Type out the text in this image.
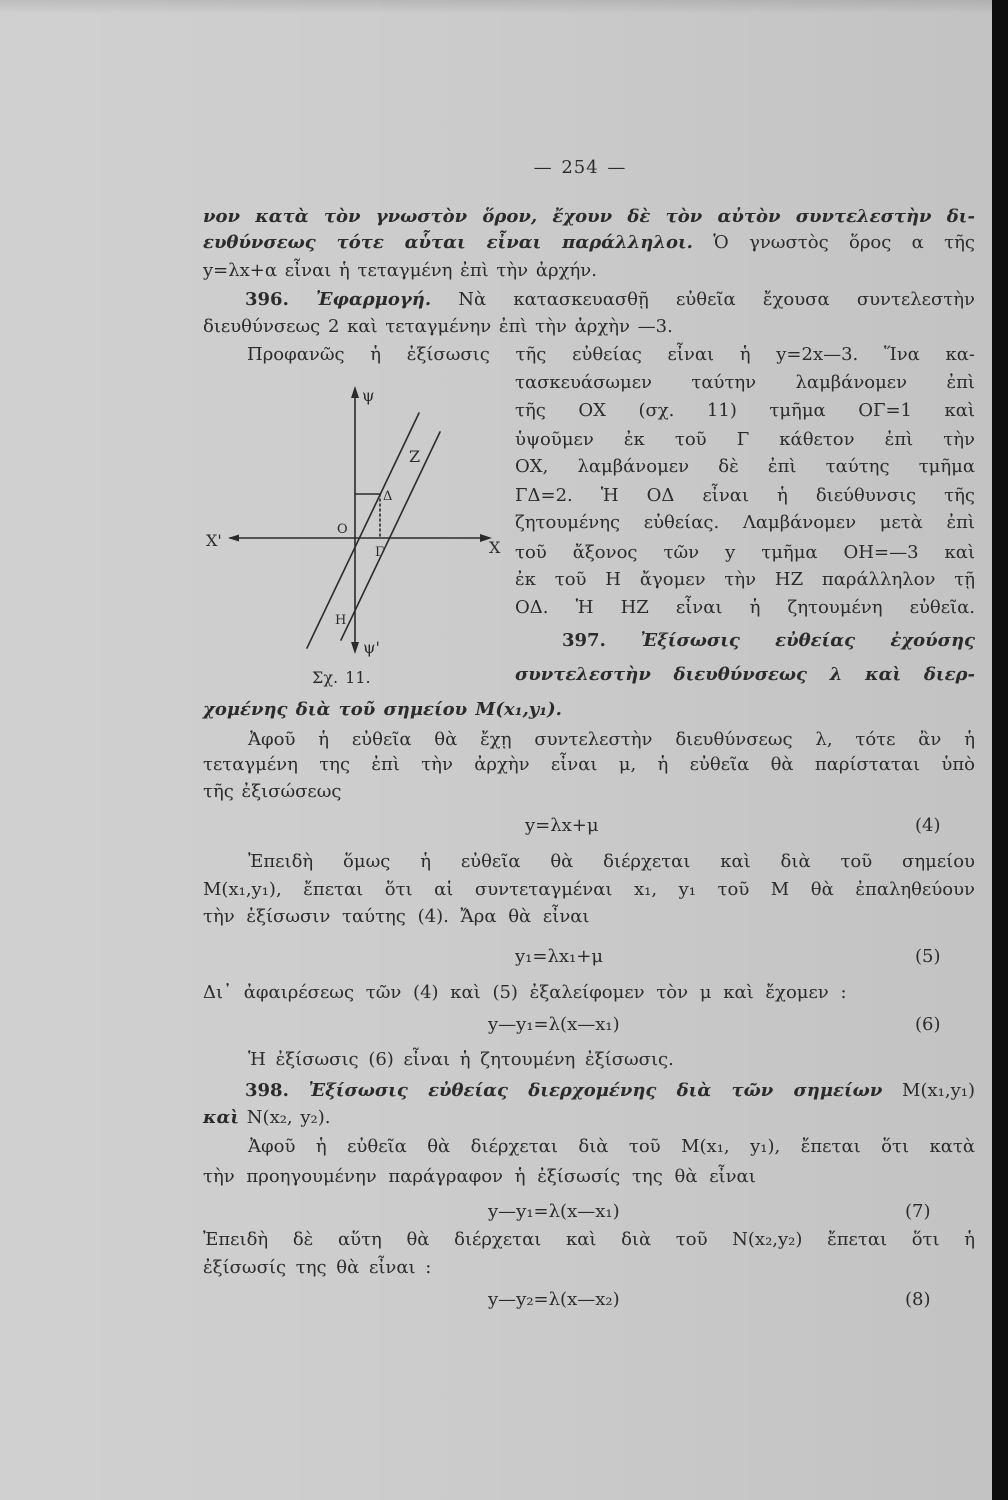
— 254 —
νον κατὰ τὸν γνωστὸν ὅρον, ἔχουν δὲ τὸν αὐτὸν συντελεστὴν δι-
ευθύνσεως τότε αὗται εἶναι παράλληλοι. Ὁ γνωστὸς ὅρος α τῆς
y=λx+α εἶναι ἡ τεταγμένη ἐπὶ τὴν ἀρχήν.
396. Ἐφαρμογή. Νὰ κατασκευασθῇ εὐθεῖα ἔχουσα συντελεστὴν
διευθύνσεως 2 καὶ τεταγμένην ἐπὶ τὴν ἀρχὴν —3.
Προφανῶς ἡ ἐξίσωσις τῆς εὐθείας εἶναι ἡ y=2x—3. Ἵνα κα-
τασκευάσωμεν ταύτην λαμβάνομεν ἐπὶ
τῆς ΟΧ (σχ. 11) τμῆμα ΟΓ=1 καὶ
ὑψοῦμεν ἐκ τοῦ Γ κάθετον ἐπὶ τὴν
ΟΧ, λαμβάνομεν δὲ ἐπὶ ταύτης τμῆμα
ΓΔ=2. Ἡ ΟΔ εἶναι ἡ διεύθυνσις τῆς
ζητουμένης εὐθείας. Λαμβάνομεν μετὰ ἐπὶ
τοῦ ἄξονος τῶν y τμῆμα ΟΗ=—3 καὶ
ἐκ τοῦ Η ἄγομεν τὴν ΗΖ παράλληλον τῇ
ΟΔ. Ἡ ΗΖ εἶναι ἡ ζητουμένη εὐθεῖα.
ψ
ψ'
X'	X
Ο
Δ
Γ
Η
Ζ
Σχ. 11.
397. Ἐξίσωσις εὐθείας ἐχούσης
συντελεστὴν διευθύνσεως λ καὶ διερ-
χομένης διὰ τοῦ σημείου Μ(x₁,y₁).
Ἀφοῦ ἡ εὐθεῖα θὰ ἔχῃ συντελεστὴν διευθύνσεως λ, τότε ἂν ἡ
τεταγμένη της ἐπὶ τὴν ἀρχὴν εἶναι μ, ἡ εὐθεῖα θὰ παρίσταται ὑπὸ
τῆς ἐξισώσεως
y=λx+μ	(4)
Ἐπειδὴ ὅμως ἡ εὐθεῖα θὰ διέρχεται καὶ διὰ τοῦ σημείου
Μ(x₁,y₁), ἔπεται ὅτι αἱ συντεταγμέναι x₁, y₁ τοῦ Μ θὰ ἐπαληθεύουν
τὴν ἐξίσωσιν ταύτης (4). Ἄρα θὰ εἶναι
y₁=λx₁+μ	(5)
Δι᾽ ἀφαιρέσεως τῶν (4) καὶ (5) ἐξαλείφομεν τὸν μ καὶ ἔχομεν :
y—y₁=λ(x—x₁)	(6)
Ἡ ἐξίσωσις (6) εἶναι ἡ ζητουμένη ἐξίσωσις.
398. Ἐξίσωσις εὐθείας διερχομένης διὰ τῶν σημείων Μ(x₁,y₁)
καὶ Ν(x₂, y₂).
Ἀφοῦ ἡ εὐθεῖα θὰ διέρχεται διὰ τοῦ Μ(x₁, y₁), ἔπεται ὅτι κατὰ
τὴν προηγουμένην παράγραφον ἡ ἐξίσωσίς της θὰ εἶναι
y—y₁=λ(x—x₁)	(7)
Ἐπειδὴ δὲ αὕτη θὰ διέρχεται καὶ διὰ τοῦ Ν(x₂,y₂) ἔπεται ὅτι ἡ
ἐξίσωσίς της θὰ εἶναι :
y—y₂=λ(x—x₂)	(8)
